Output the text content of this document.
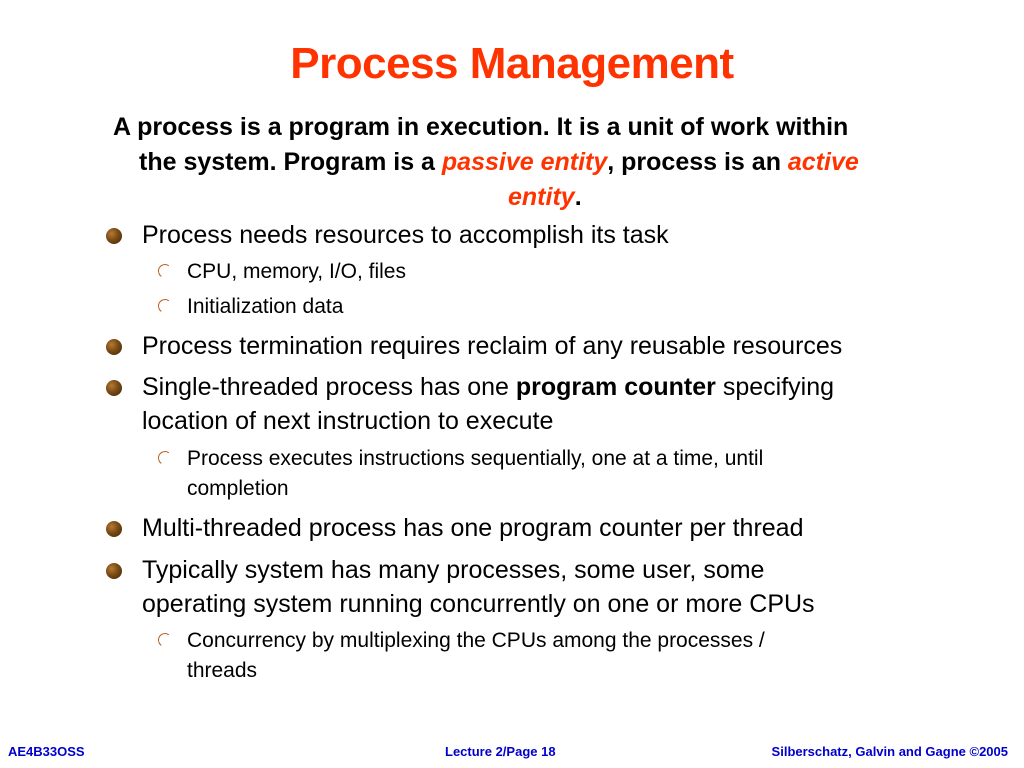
Process Management
A process is a program in execution. It is a unit of work within
the system. Program is a passive entity, process is an active
entity.
Process needs resources to accomplish its task
CPU, memory, I/O, files
Initialization data
Process termination requires reclaim of any reusable resources
Single-threaded process has one program counter specifying
location of next instruction to execute
Process executes instructions sequentially, one at a time, until
completion
Multi-threaded process has one program counter per thread
Typically system has many processes, some user, some
operating system running concurrently on one or more CPUs
Concurrency by multiplexing the CPUs among the processes /
threads
AE4B33OSS	Lecture 2/Page 18	Silberschatz, Galvin and Gagne ©2005
